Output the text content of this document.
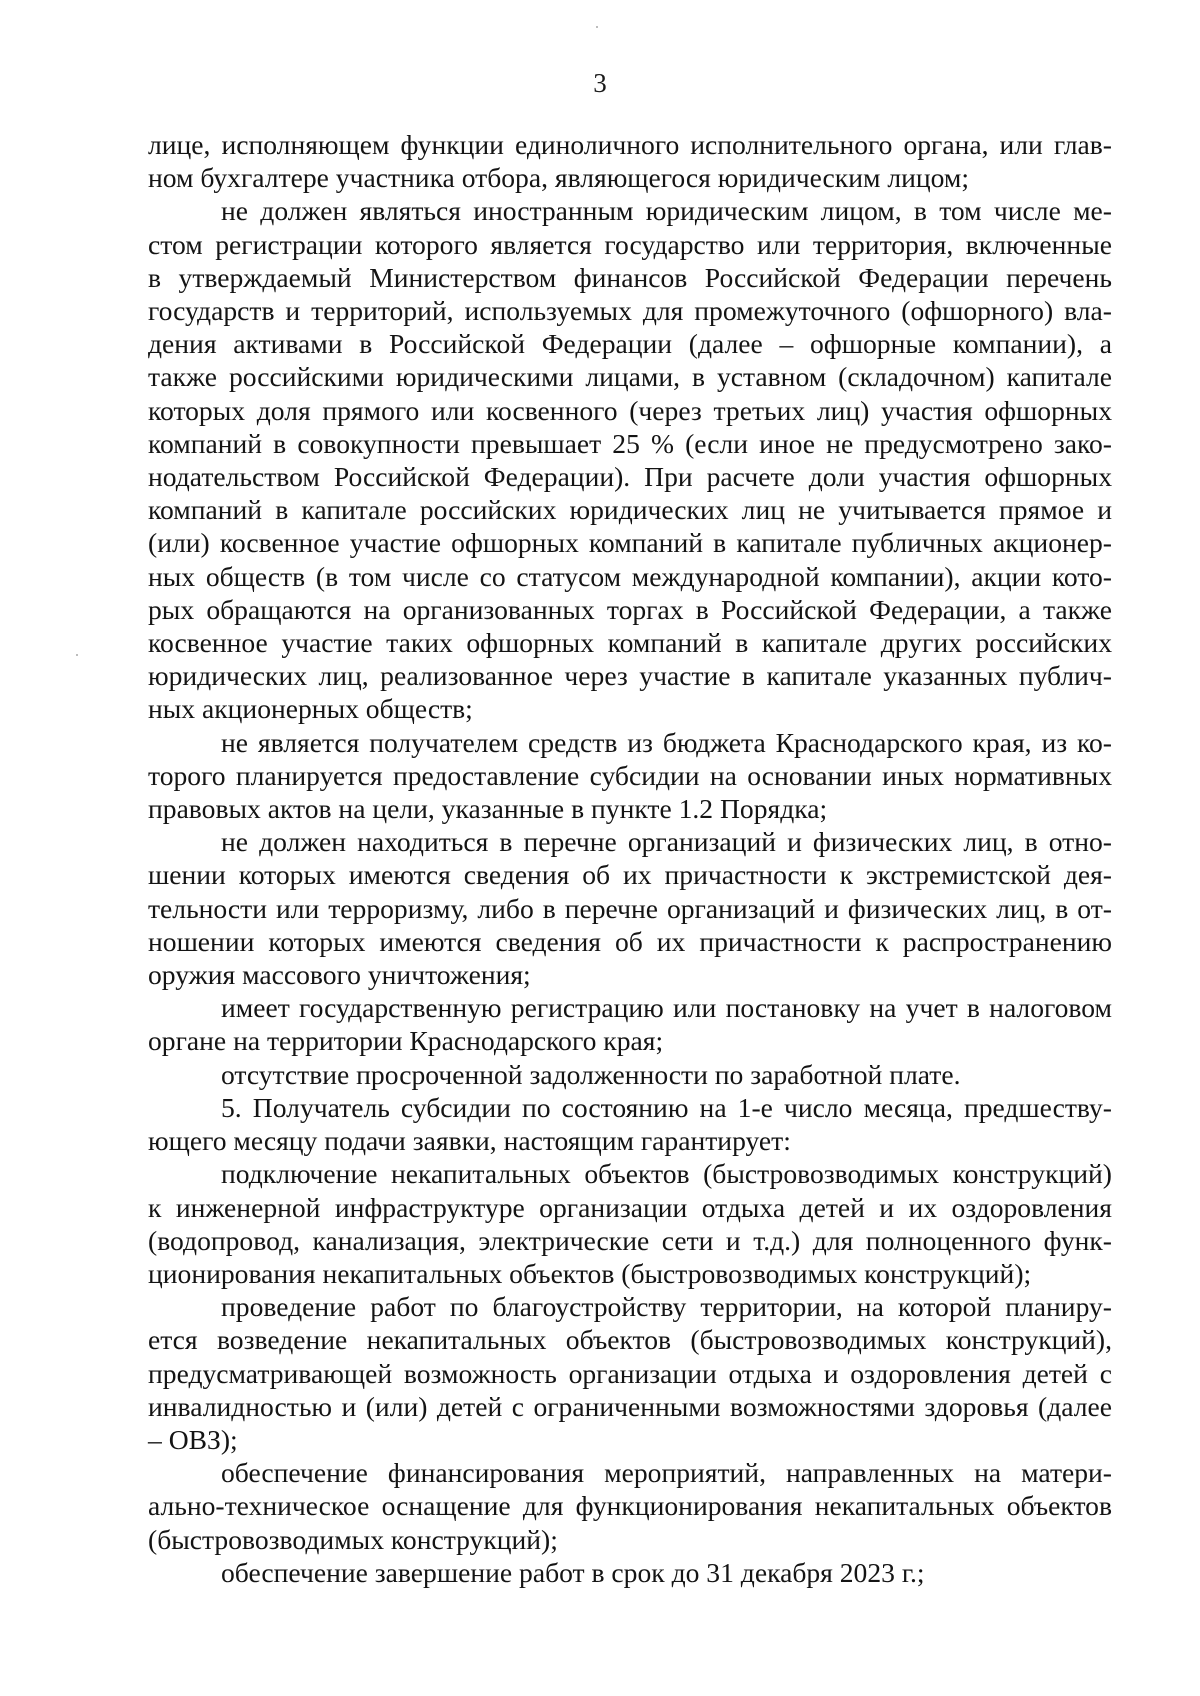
3
лице, исполняющем функции единоличного исполнительного органа, или глав-
ном бухгалтере участника отбора, являющегося юридическим лицом;
не должен являться иностранным юридическим лицом, в том числе ме-
стом регистрации которого является государство или территория, включенные
в утверждаемый Министерством финансов Российской Федерации перечень
государств и территорий, используемых для промежуточного (офшорного) вла-
дения активами в Российской Федерации (далее – офшорные компании), а
также российскими юридическими лицами, в уставном (складочном) капитале
которых доля прямого или косвенного (через третьих лиц) участия офшорных
компаний в совокупности превышает 25 % (если иное не предусмотрено зако-
нодательством Российской Федерации). При расчете доли участия офшорных
компаний в капитале российских юридических лиц не учитывается прямое и
(или) косвенное участие офшорных компаний в капитале публичных акционер-
ных обществ (в том числе со статусом международной компании), акции кото-
рых обращаются на организованных торгах в Российской Федерации, а также
косвенное участие таких офшорных компаний в капитале других российских
юридических лиц, реализованное через участие в капитале указанных публич-
ных акционерных обществ;
не является получателем средств из бюджета Краснодарского края, из ко-
торого планируется предоставление субсидии на основании иных нормативных
правовых актов на цели, указанные в пункте 1.2 Порядка;
не должен находиться в перечне организаций и физических лиц, в отно-
шении которых имеются сведения об их причастности к экстремистской дея-
тельности или терроризму, либо в перечне организаций и физических лиц, в от-
ношении которых имеются сведения об их причастности к распространению
оружия массового уничтожения;
имеет государственную регистрацию или постановку на учет в налоговом
органе на территории Краснодарского края;
отсутствие просроченной задолженности по заработной плате.
5. Получатель субсидии по состоянию на 1-е число месяца, предшеству-
ющего месяцу подачи заявки, настоящим гарантирует:
подключение некапитальных объектов (быстровозводимых конструкций)
к инженерной инфраструктуре организации отдыха детей и их оздоровления
(водопровод, канализация, электрические сети и т.д.) для полноценного функ-
ционирования некапитальных объектов (быстровозводимых конструкций);
проведение работ по благоустройству территории, на которой планиру-
ется возведение некапитальных объектов (быстровозводимых конструкций),
предусматривающей возможность организации отдыха и оздоровления детей с
инвалидностью и (или) детей с ограниченными возможностями здоровья (далее
– ОВЗ);
обеспечение финансирования мероприятий, направленных на матери-
ально-техническое оснащение для функционирования некапитальных объектов
(быстровозводимых конструкций);
обеспечение завершение работ в срок до 31 декабря 2023 г.;
